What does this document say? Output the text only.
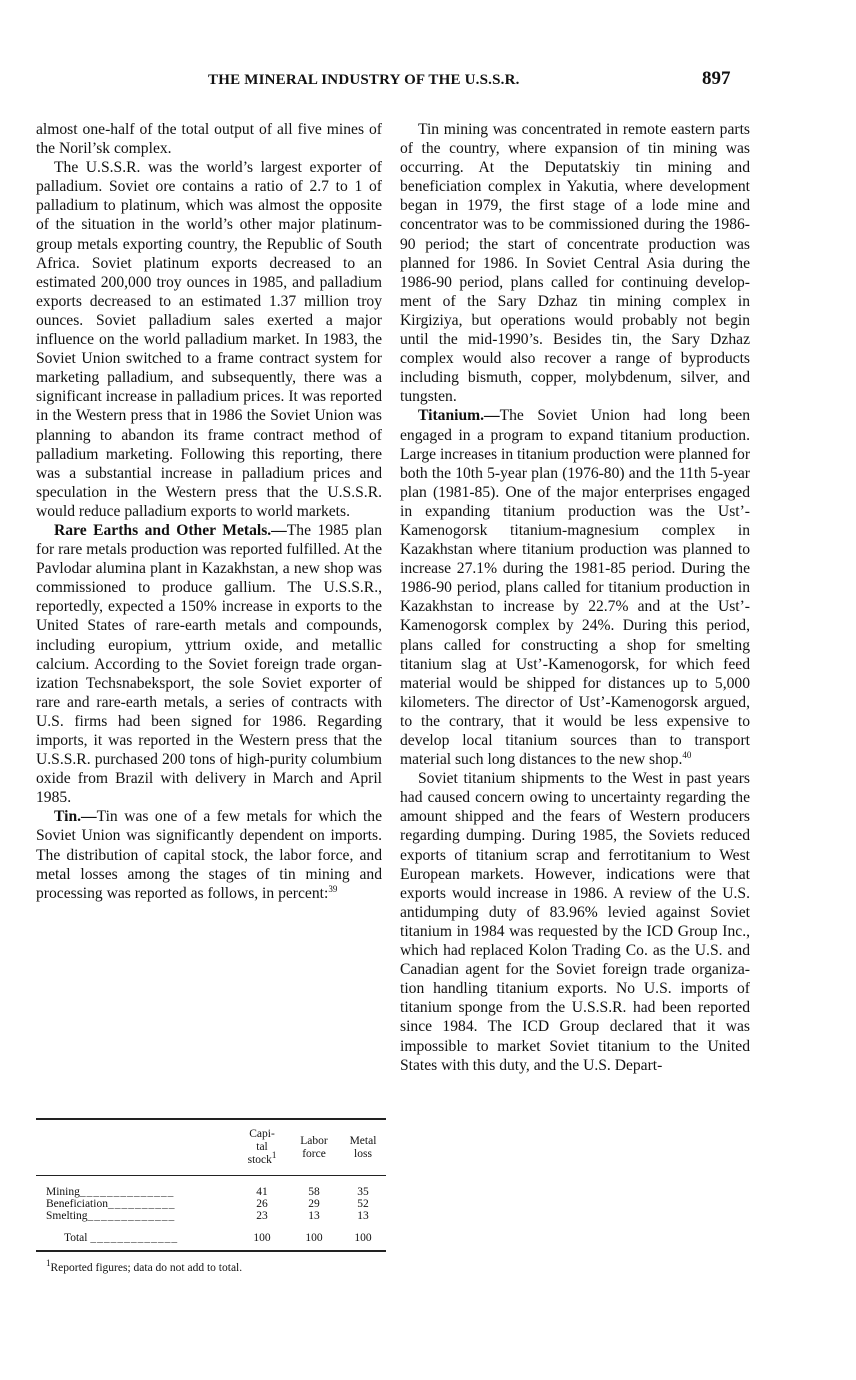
THE MINERAL INDUSTRY OF THE U.S.S.R.	897

almost one-half of the total output of all five mines of the Noril’sk complex.

The U.S.S.R. was the world’s largest exporter of palladium. Soviet ore contains a ratio of 2.7 to 1 of palladium to platinum, which was almost the opposite of the situation in the world’s other major platinum-group metals exporting country, the Republic of South Africa. Soviet platinum exports decreased to an estimated 200,000 troy ounces in 1985, and palladium exports decreased to an estimated 1.37 million troy ounces. Soviet palladium sales exerted a major influence on the world palladium market. In 1983, the Soviet Union switched to a frame contract system for marketing palladium, and subsequently, there was a significant increase in palladium prices. It was reported in the Western press that in 1986 the Soviet Union was planning to abandon its frame contract method of palladium marketing. Following this reporting, there was a substantial increase in palladium prices and speculation in the Western press that the U.S.S.R. would reduce palladium exports to world markets.

Rare Earths and Other Metals.—The 1985 plan for rare metals production was reported fulfilled. At the Pavlodar alumina plant in Kazakhstan, a new shop was commissioned to produce gallium. The U.S.S.R., reportedly, expected a 150% increase in exports to the United States of rare-earth metals and compounds, including europium, yttrium oxide, and metallic calcium. According to the Soviet foreign trade organization Techsnabeksport, the sole Soviet exporter of rare and rare-earth metals, a series of contracts with U.S. firms had been signed for 1986. Regarding imports, it was reported in the Western press that the U.S.S.R. purchased 200 tons of high-purity columbium oxide from Brazil with delivery in March and April 1985.

Tin.—Tin was one of a few metals for which the Soviet Union was significantly dependent on imports. The distribution of capital stock, the labor force, and metal losses among the stages of tin mining and processing was reported as follows, in percent:$^{39}$

	Capi-
tal
stock$^1$	Labor
force	Metal
loss
Mining______________	41	58	35
Beneficiation__________	26	29	52
Smelting_____________	23	13	13
Total _____________	100	100	100
$^1$Reported figures; data do not add to total.

Tin mining was concentrated in remote eastern parts of the country, where expansion of tin mining was occurring. At the Deputatskiy tin mining and beneficiation complex in Yakutia, where development began in 1979, the first stage of a lode mine and concentrator was to be commissioned during the 1986-90 period; the start of concentrate production was planned for 1986. In Soviet Central Asia during the 1986-90 period, plans called for continuing development of the Sary Dzhaz tin mining complex in Kirgiziya, but operations would probably not begin until the mid-1990’s. Besides tin, the Sary Dzhaz complex would also recover a range of byproducts including bismuth, copper, molybdenum, silver, and tungsten.

Titanium.—The Soviet Union had long been engaged in a program to expand titanium production. Large increases in titanium production were planned for both the 10th 5-year plan (1976-80) and the 11th 5-year plan (1981-85). One of the major enterprises engaged in expanding titanium production was the Ust’-Kamenogorsk titanium-magnesium complex in Kazakhstan where titanium production was planned to increase 27.1% during the 1981-85 period. During the 1986-90 period, plans called for titanium production in Kazakhstan to increase by 22.7% and at the Ust’-Kamenogorsk complex by 24%. During this period, plans called for constructing a shop for smelting titanium slag at Ust’-Kamenogorsk, for which feed material would be shipped for distances up to 5,000 kilometers. The director of Ust’-Kamenogorsk argued, to the contrary, that it would be less expensive to develop local titanium sources than to transport material such long distances to the new shop.$^{40}$

Soviet titanium shipments to the West in past years had caused concern owing to uncertainty regarding the amount shipped and the fears of Western producers regarding dumping. During 1985, the Soviets reduced exports of titanium scrap and ferrotitanium to West European markets. However, indications were that exports would increase in 1986. A review of the U.S. antidumping duty of 83.96% levied against Soviet titanium in 1984 was requested by the ICD Group Inc., which had replaced Kolon Trading Co. as the U.S. and Canadian agent for the Soviet foreign trade organization handling titanium exports. No U.S. imports of titanium sponge from the U.S.S.R. had been reported since 1984. The ICD Group declared that it was impossible to market Soviet titanium to the United States with this duty, and the U.S. Depart-
